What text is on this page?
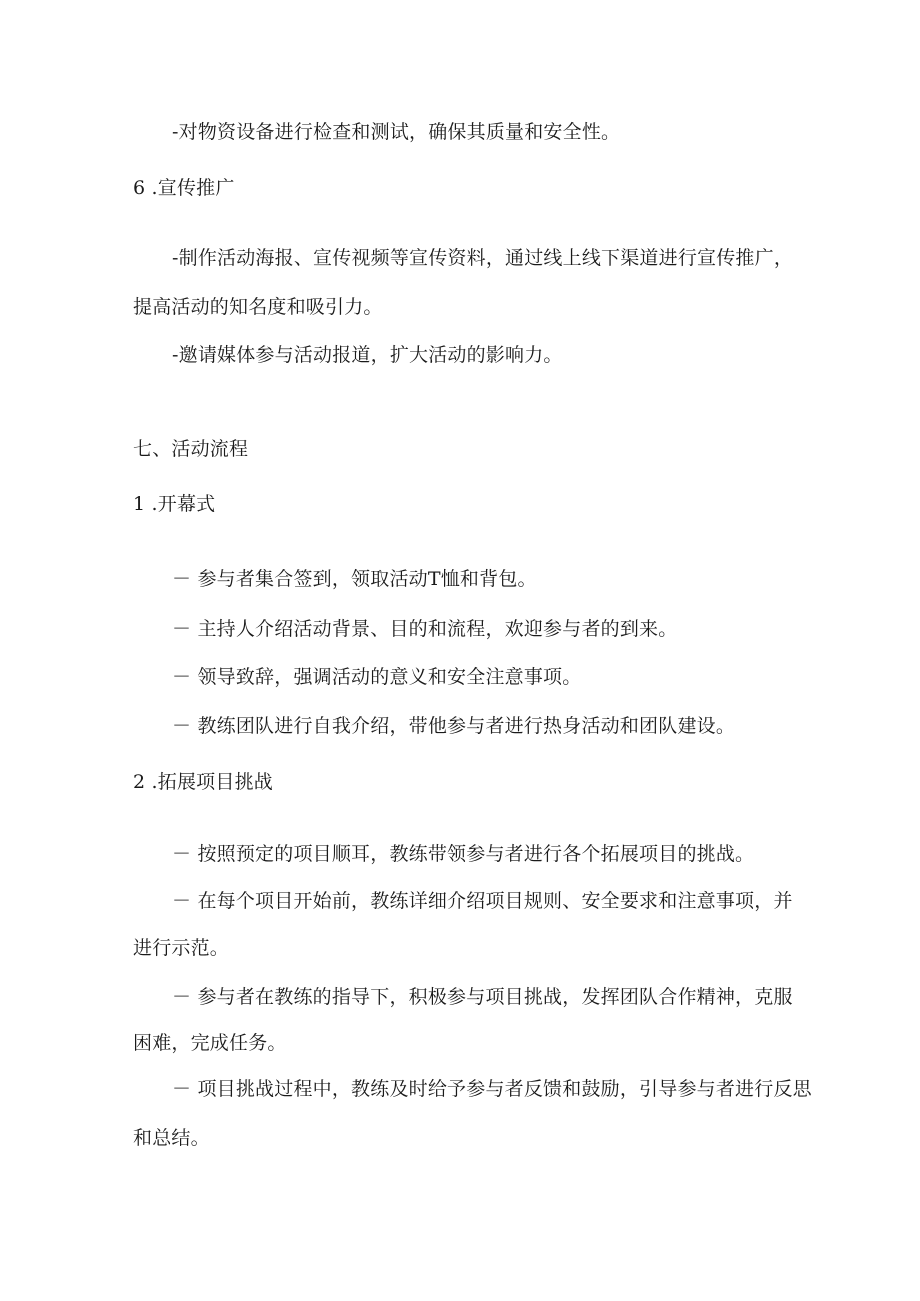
-对物资设备进行检查和测试，确保其质量和安全性。
6 .宣传推广
-制作活动海报、宣传视频等宣传资料，通过线上线下渠道进行宣传推广，
提高活动的知名度和吸引力。
-邀请媒体参与活动报道，扩大活动的影响力。
七、活动流程
1 .开幕式
－ 参与者集合签到，领取活动T恤和背包。
－ 主持人介绍活动背景、目的和流程，欢迎参与者的到来。
－ 领导致辞，强调活动的意义和安全注意事项。
－ 教练团队进行自我介绍，带他参与者进行热身活动和团队建设。
2 .拓展项目挑战
－ 按照预定的项目顺耳，教练带领参与者进行各个拓展项目的挑战。
－ 在每个项目开始前，教练详细介绍项目规则、安全要求和注意事项，并
进行示范。
－ 参与者在教练的指导下，积极参与项目挑战，发挥团队合作精神，克服
困难，完成任务。
－ 项目挑战过程中，教练及时给予参与者反馈和鼓励，引导参与者进行反思
和总结。
